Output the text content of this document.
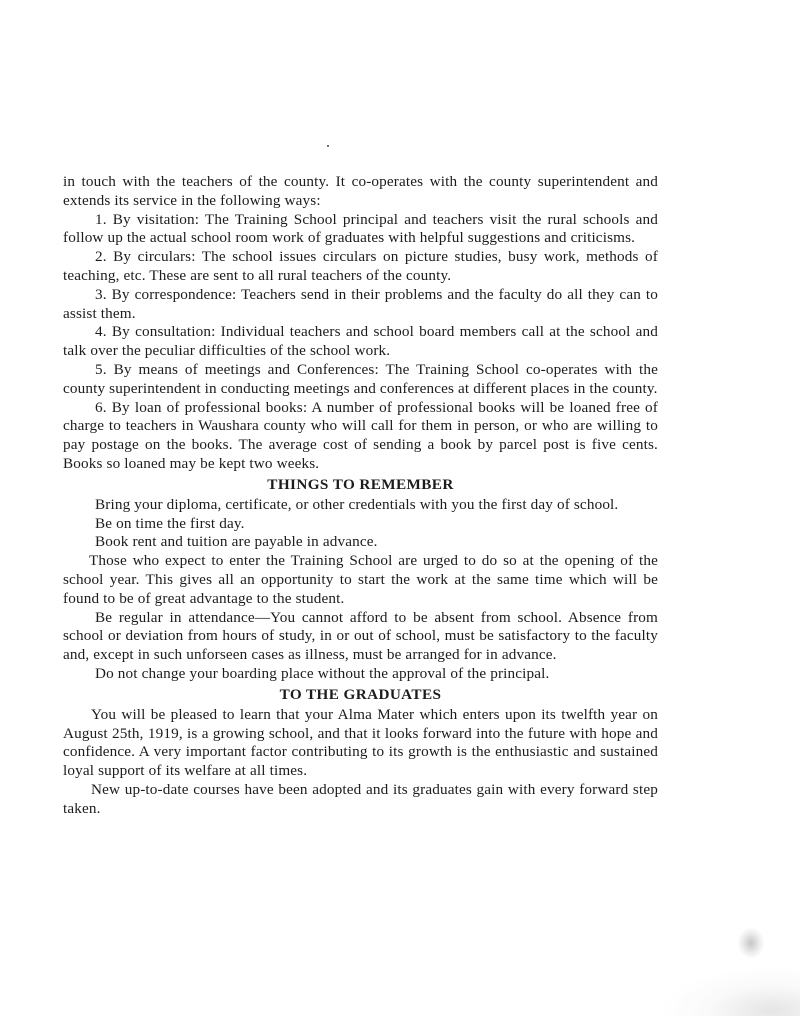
in touch with the teachers of the county. It co-operates with the county superintendent and extends its service in the following ways:

1. By visitation: The Training School principal and teachers visit the rural schools and follow up the actual school room work of graduates with helpful suggestions and criticisms.

2. By circulars: The school issues circulars on picture studies, busy work, methods of teaching, etc. These are sent to all rural teachers of the county.

3. By correspondence: Teachers send in their problems and the faculty do all they can to assist them.

4. By consultation: Individual teachers and school board members call at the school and talk over the peculiar difficulties of the school work.

5. By means of meetings and Conferences: The Training School co-operates with the county superintendent in conducting meetings and conferences at different places in the county.

6. By loan of professional books: A number of professional books will be loaned free of charge to teachers in Waushara county who will call for them in person, or who are willing to pay postage on the books. The average cost of sending a book by parcel post is five cents. Books so loaned may be kept two weeks.

THINGS TO REMEMBER

Bring your diploma, certificate, or other credentials with you the first day of school.

Be on time the first day.

Book rent and tuition are payable in advance.

Those who expect to enter the Training School are urged to do so at the opening of the school year. This gives all an opportunity to start the work at the same time which will be found to be of great advantage to the student.

Be regular in attendance—You cannot afford to be absent from school. Absence from school or deviation from hours of study, in or out of school, must be satisfactory to the faculty and, except in such unforseen cases as illness, must be arranged for in advance.

Do not change your boarding place without the approval of the principal.

TO THE GRADUATES

You will be pleased to learn that your Alma Mater which enters upon its twelfth year on August 25th, 1919, is a growing school, and that it looks forward into the future with hope and confidence. A very important factor contributing to its growth is the enthusiastic and sustained loyal support of its welfare at all times.

New up-to-date courses have been adopted and its graduates gain with every forward step taken.
